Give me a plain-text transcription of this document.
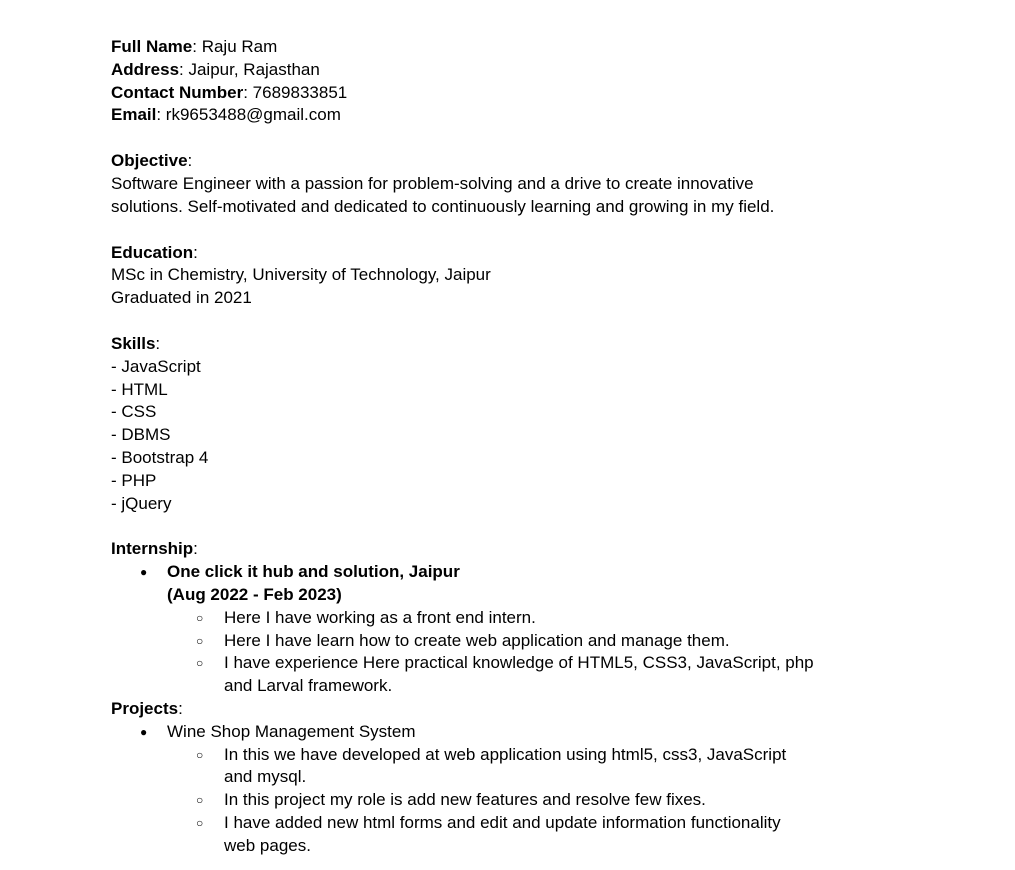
Full Name: Raju Ram
Address: Jaipur, Rajasthan
Contact Number: 7689833851
Email: rk9653488@gmail.com
Objective:
Software Engineer with a passion for problem-solving and a drive to create innovative solutions. Self-motivated and dedicated to continuously learning and growing in my field.
Education:
MSc in Chemistry, University of Technology, Jaipur
Graduated in 2021
Skills:
- JavaScript
- HTML
- CSS
- DBMS
- Bootstrap 4
- PHP
- jQuery
Internship:
● One click it hub and solution, Jaipur
(Aug 2022 - Feb 2023)
○ Here I have working as a front end intern.
○ Here I have learn how to create web application and manage them.
○ I have experience Here practical knowledge of HTML5, CSS3, JavaScript, php and Larval framework.
Projects:
● Wine Shop Management System
○ In this we have developed at web application using html5, css3, JavaScript and mysql.
○ In this project my role is add new features and resolve few fixes.
○ I have added new html forms and edit and update information functionality web pages.
